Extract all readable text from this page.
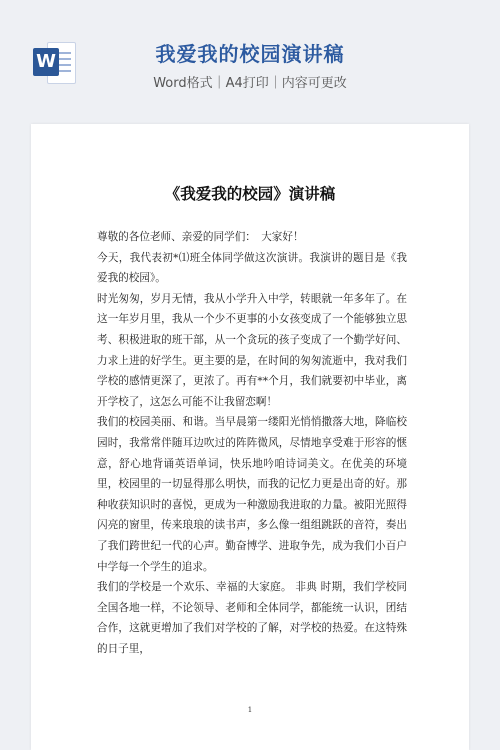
W	我爱我的校园演讲稿
Word格式｜A4打印｜内容可更改
《我爱我的校园》演讲稿

尊敬的各位老师、亲爱的同学们：　大家好！

今天，我代表初*⑴班全体同学做这次演讲。我演讲的题目是《我爱我的校园》。

时光匆匆，岁月无情，我从小学升入中学，转眼就一年多年了。在这一年岁月里，我从一个少不更事的小女孩变成了一个能够独立思考、积极进取的班干部，从一个贪玩的孩子变成了一个勤学好问、力求上进的好学生。更主要的是，在时间的匆匆流逝中，我对我们学校的感情更深了，更浓了。再有**个月，我们就要初中毕业，离开学校了，这怎么可能不让我留恋啊！

我们的校园美丽、和谐。当早晨第一缕阳光悄悄撒落大地，降临校园时，我常常伴随耳边吹过的阵阵微风，尽情地享受难于形容的惬意，舒心地背诵英语单词，快乐地吟咱诗词美文。在优美的环境里，校园里的一切显得那么明快，而我的记忆力更是出奇的好。那种收获知识时的喜悦，更成为一种激励我进取的力量。被阳光照得闪亮的窗里，传来琅琅的读书声，多么像一组组跳跃的音符，奏出了我们跨世纪一代的心声。勤奋博学、进取争先，成为我们小百户中学每一个学生的追求。

我们的学校是一个欢乐、幸福的大家庭。 非典 时期，我们学校同全国各地一样，不论领导、老师和全体同学，都能统一认识，团结合作，这就更增加了我们对学校的了解，对学校的热爱。在这特殊的日子里，

1
